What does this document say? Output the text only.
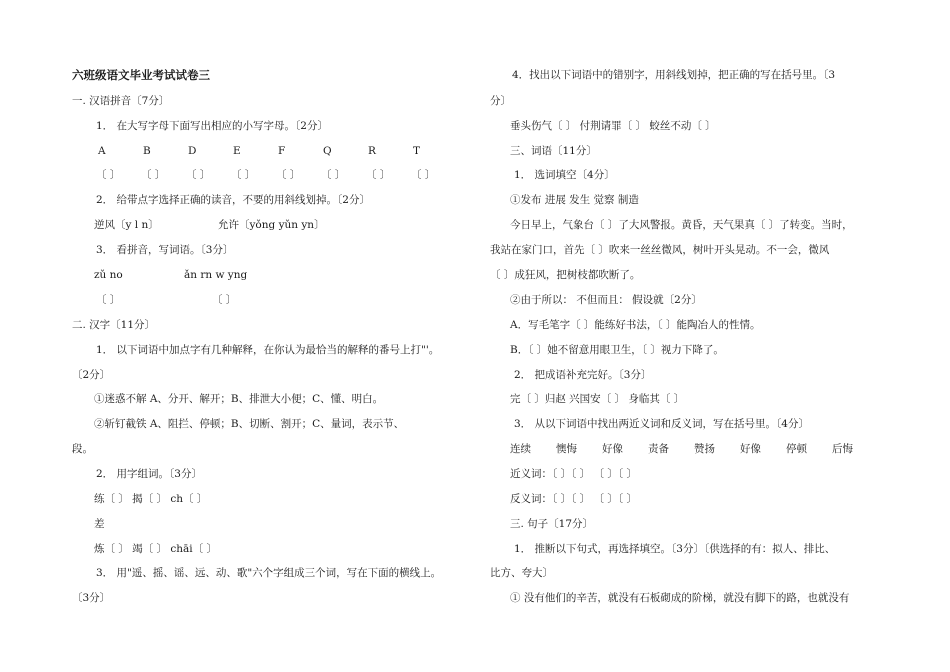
六班级语文毕业考试试卷三
一. 汉语拼音〔7分〕
1． 在大写字母下面写出相应的小写字母。〔2分〕
A	B	D	E	F	Q	R	T
〔 〕 〔 〕 〔 〕 〔 〕 〔 〕 〔 〕 〔 〕 〔 〕
2． 给带点字选择正确的读音，不要的用斜线划掉。〔2分〕
逆风〔y l n〕	允许〔yǒng yǔn yn〕
3． 看拼音，写词语。〔3分〕
zǔ no	ǎn rn w yng
〔 〕	〔 〕
二. 汉字〔11分〕
1． 以下词语中加点字有几种解释，在你认为最恰当的解释的番号上打"'。
〔2分〕
①迷惑不解 A、分开、解开；B、排泄大小便；C、懂、明白。
②斩钉截铁 A、阻拦、停顿；B、切断、割开；C、量词，表示节、
段。
2． 用字组词。〔3分〕
练〔 〕 揭〔 〕 ch〔 〕
差
炼〔 〕 竭〔 〕 chāi〔 〕
3． 用"遥、摇、谣、远、动、歌"六个字组成三个词，写在下面的横线上。
〔3分〕
4．找出以下词语中的错别字，用斜线划掉，把正确的写在括号里。〔3
分〕
垂头伤气〔 〕 付荆请罪〔 〕 蛟丝不动〔 〕
三、词语〔11分〕
1． 选词填空〔4分〕
①发布 进展 发生 觉察 制造
今日早上，气象台〔 〕了大风警报。黄昏，天气果真〔 〕了转变。当时，
我站在家门口，首先〔 〕吹来一丝丝微风，树叶开头晃动。不一会，微风
〔 〕成狂风，把树枝都吹断了。
②由于所以： 不但而且： 假设就〔2分〕
A．写毛笔字〔 〕能练好书法，〔 〕能陶冶人的性情。
B．〔 〕她不留意用眼卫生，〔 〕视力下降了。
2． 把成语补充完好。〔3分〕
完〔 〕归赵 兴国安〔 〕 身临其〔 〕
3． 从以下词语中找出两近义词和反义词，写在括号里。〔4分〕
连续 懊悔 好像 责备 赞扬 好像 停顿 后悔
近义词：〔 〕〔 〕 〔 〕〔 〕
反义词：〔 〕〔 〕 〔 〕〔 〕
三. 句子〔17分〕
1． 推断以下句式，再选择填空。〔3分〕〔供选择的有：拟人、排比、
比方、夸大〕
① 没有他们的辛苦，就没有石板砌成的阶梯，就没有脚下的路，也就没有
